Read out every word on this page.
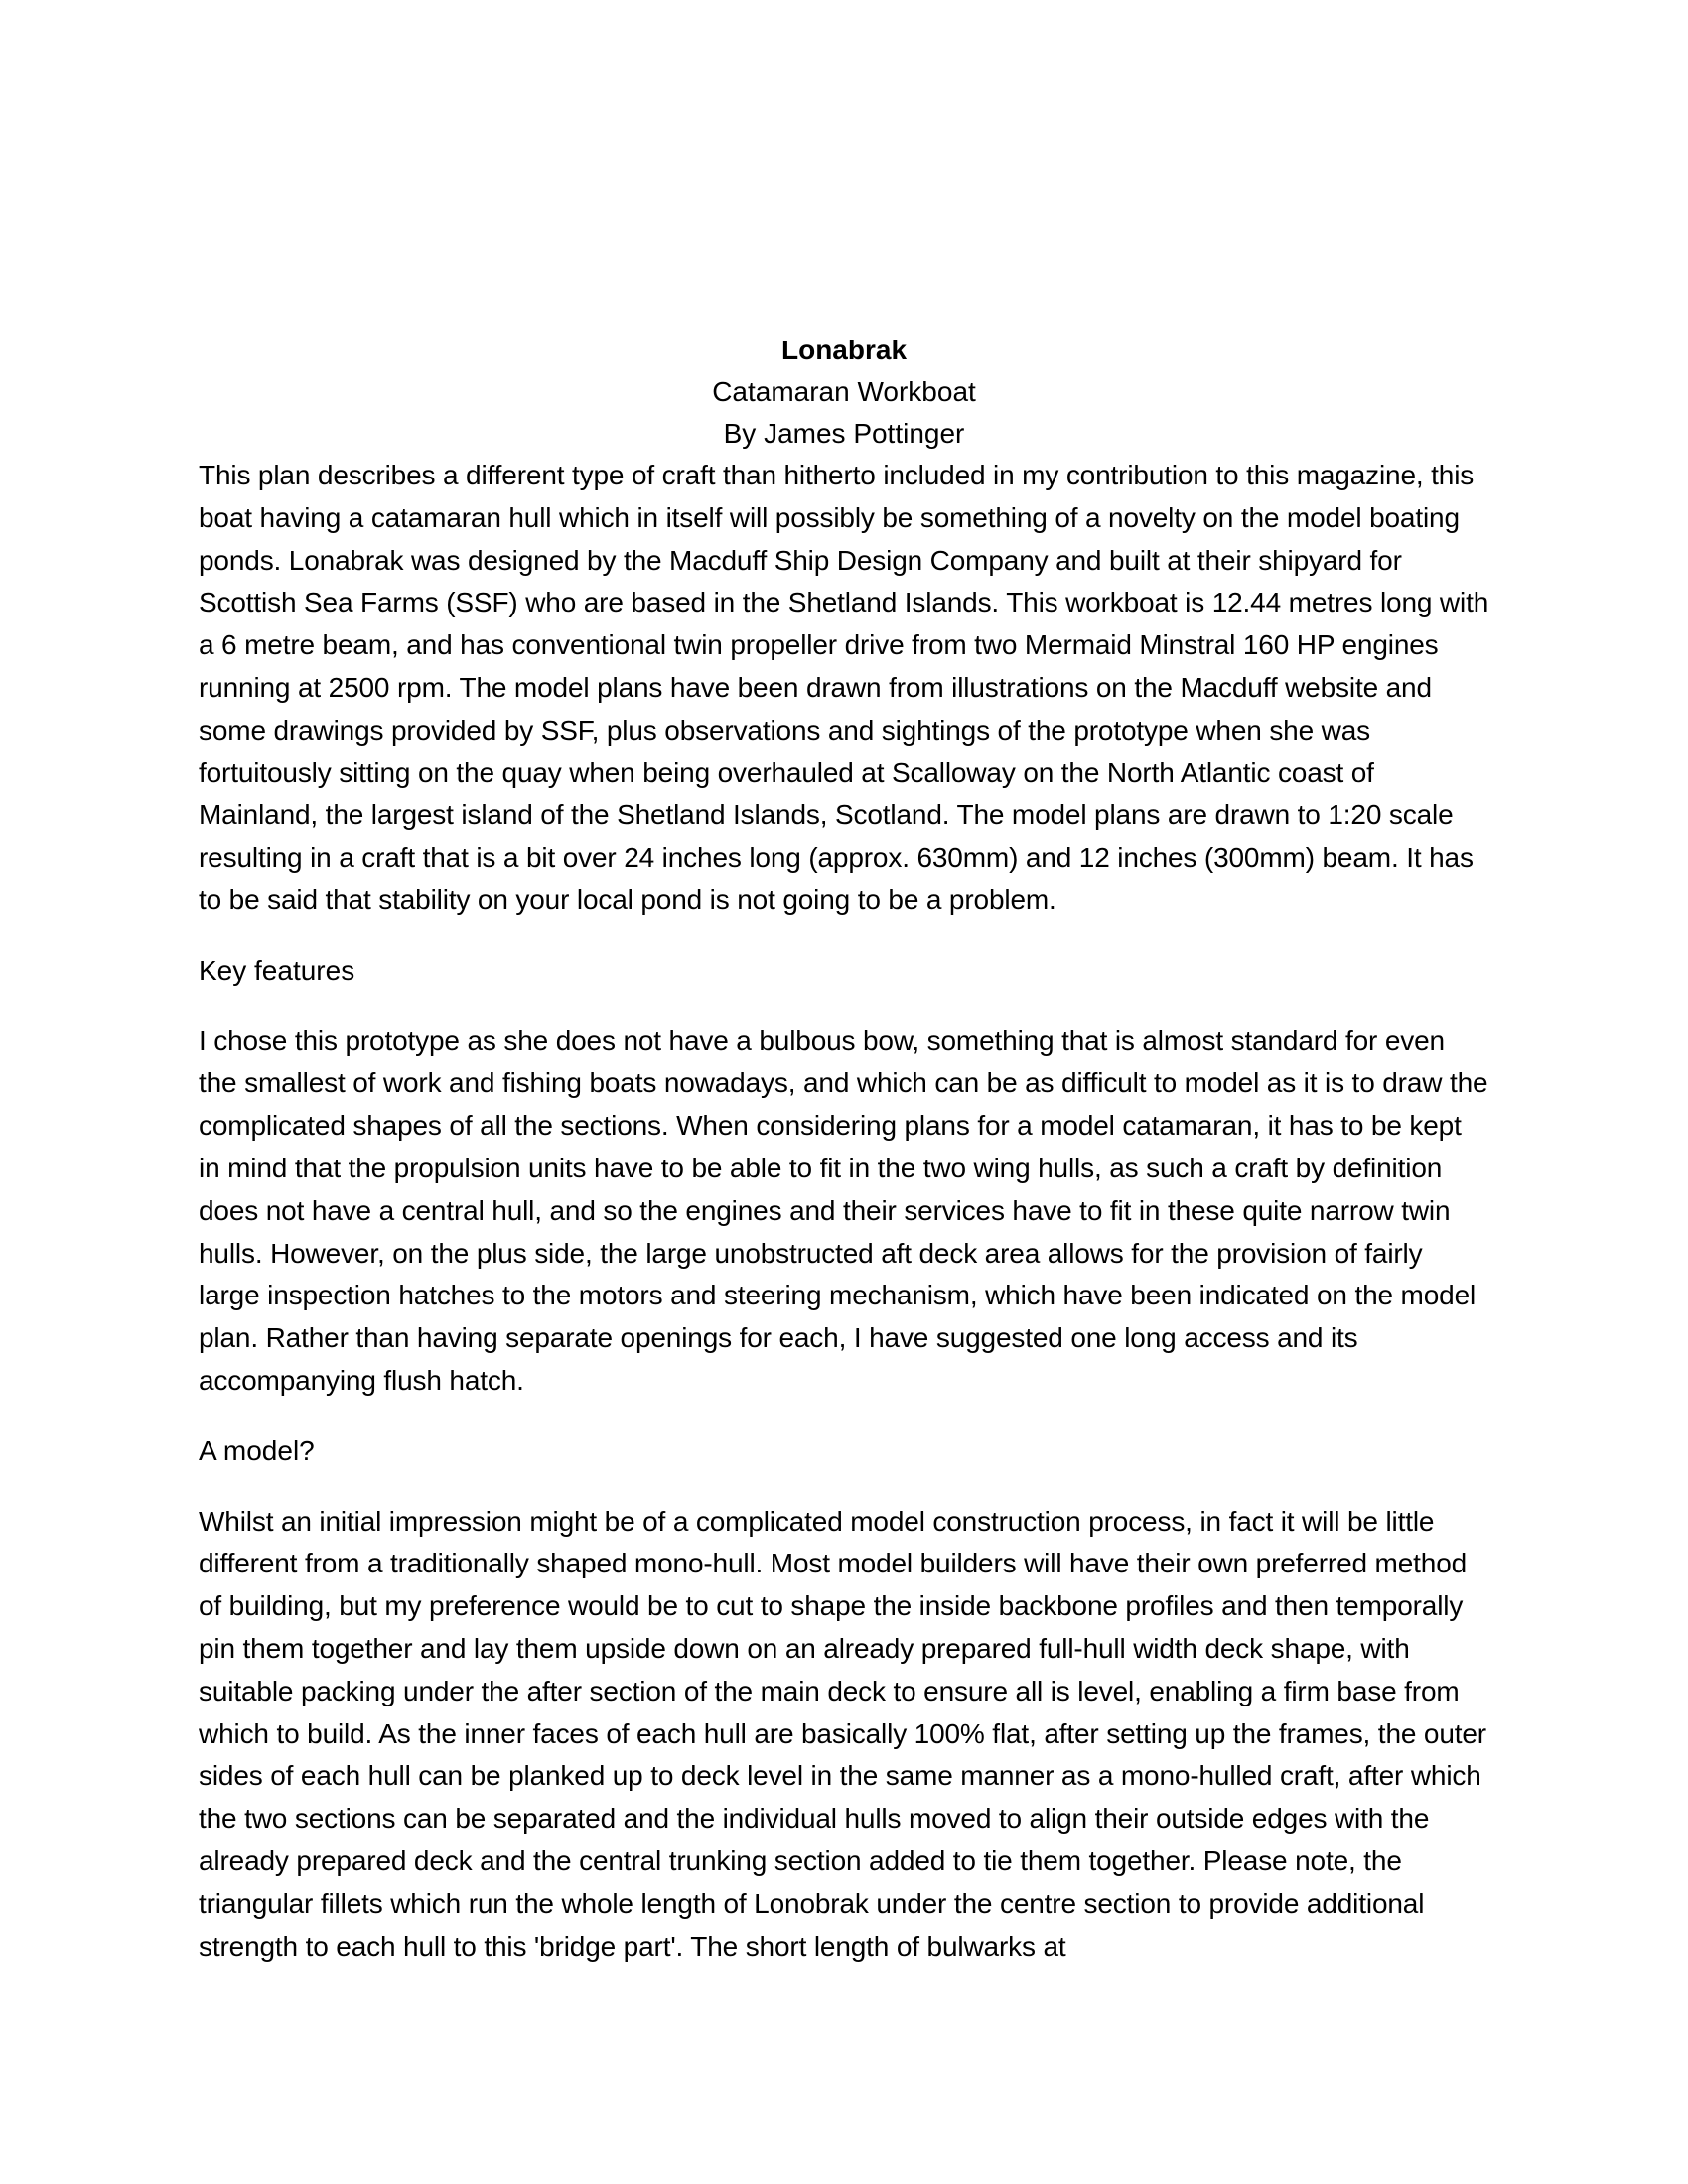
Lonabrak

Catamaran Workboat

By James Pottinger

This plan describes a different type of craft than hitherto included in my contribution to this magazine, this boat having a catamaran hull which in itself will possibly be something of a novelty on the model boating ponds. Lonabrak was designed by the Macduff Ship Design Company and built at their shipyard for Scottish Sea Farms (SSF) who are based in the Shetland Islands. This workboat is 12.44 metres long with a 6 metre beam, and has conventional twin propeller drive from two Mermaid Minstral 160 HP engines running at 2500 rpm. The model plans have been drawn from illustrations on the Macduff website and some drawings provided by SSF, plus observations and sightings of the prototype when she was fortuitously sitting on the quay when being overhauled at Scalloway on the North Atlantic coast of Mainland, the largest island of the Shetland Islands, Scotland. The model plans are drawn to 1:20 scale resulting in a craft that is a bit over 24 inches long (approx. 630mm) and 12 inches (300mm) beam. It has to be said that stability on your local pond is not going to be a problem.

Key features

I chose this prototype as she does not have a bulbous bow, something that is almost standard for even the smallest of work and fishing boats nowadays, and which can be as difficult to model as it is to draw the complicated shapes of all the sections. When considering plans for a model catamaran, it has to be kept in mind that the propulsion units have to be able to fit in the two wing hulls, as such a craft by definition does not have a central hull, and so the engines and their services have to fit in these quite narrow twin hulls. However, on the plus side, the large unobstructed aft deck area allows for the provision of fairly large inspection hatches to the motors and steering mechanism, which have been indicated on the model plan. Rather than having separate openings for each, I have suggested one long access and its accompanying flush hatch.

A model?

Whilst an initial impression might be of a complicated model construction process, in fact it will be little different from a traditionally shaped mono-hull. Most model builders will have their own preferred method of building, but my preference would be to cut to shape the inside backbone profiles and then temporally pin them together and lay them upside down on an already prepared full-hull width deck shape, with suitable packing under the after section of the main deck to ensure all is level, enabling a firm base from which to build. As the inner faces of each hull are basically 100% flat, after setting up the frames, the outer sides of each hull can be planked up to deck level in the same manner as a mono-hulled craft, after which the two sections can be separated and the individual hulls moved to align their outside edges with the already prepared deck and the central trunking section added to tie them together. Please note, the triangular fillets which run the whole length of Lonobrak under the centre section to provide additional strength to each hull to this 'bridge part'. The short length of bulwarks at
